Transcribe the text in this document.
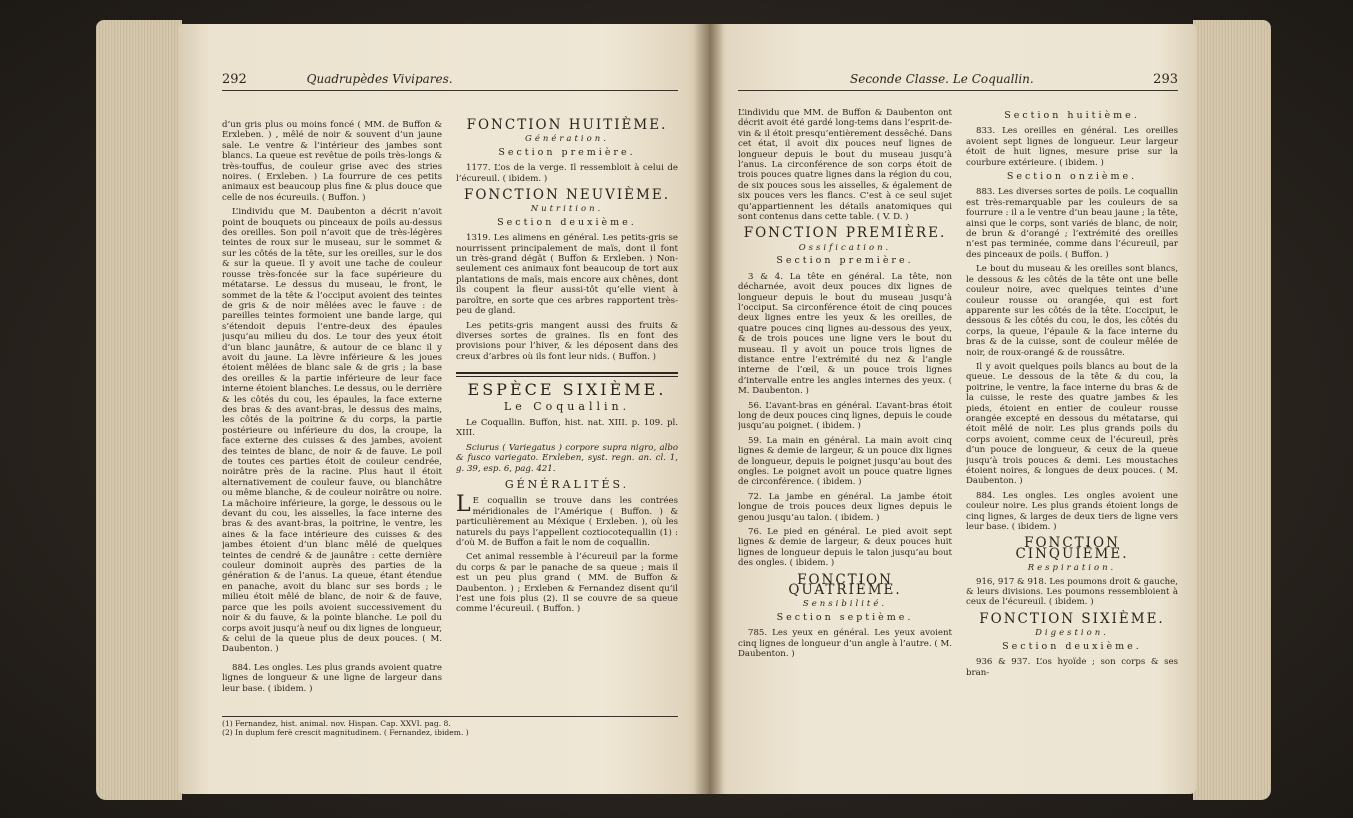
292	Quadrupèdes Vivipares.

d’un gris plus ou moins foncé ( MM. de Buffon & Erxleben. ) , mêlé de noir & souvent d’un jaune sale. Le ventre & l’intérieur des jambes sont blancs. La queue est revêtue de poils très-longs & très-touffus, de couleur grise avec des stries noires. ( Erxleben. ) La fourrure de ces petits animaux est beaucoup plus fine & plus douce que celle de nos écureuils. ( Buffon. )

L’individu que M. Daubenton a décrit n’avoit point de bouquets ou pinceaux de poils au-dessus des oreilles. Son poil n’avoit que de très-légères teintes de roux sur le museau, sur le sommet & sur les côtés de la tête, sur les oreilles, sur le dos & sur la queue. Il y avoit une tache de couleur rousse très-foncée sur la face supérieure du métatarse. Le dessus du museau, le front, le sommet de la tête & l’occiput avoient des teintes de gris & de noir mêlées avec le fauve : de pareilles teintes formoient une bande large, qui s’étendoit depuis l’entre-deux des épaules jusqu’au milieu du dos. Le tour des yeux étoit d’un blanc jaunâtre, & autour de ce blanc il y avoit du jaune. La lèvre inférieure & les joues étoient mêlées de blanc sale & de gris ; la base des oreilles & la partie inférieure de leur face interne étoient blanches. Le dessus, ou le derrière & les côtés du cou, les épaules, la face externe des bras & des avant-bras, le dessus des mains, les côtés de la poitrine & du corps, la partie postérieure ou inférieure du dos, la croupe, la face externe des cuisses & des jambes, avoient des teintes de blanc, de noir & de fauve. Le poil de toutes ces parties étoit de couleur cendrée, noirâtre près de la racine. Plus haut il étoit alternativement de couleur fauve, ou blanchâtre ou même blanche, & de couleur noirâtre ou noire. La mâchoire inférieure, la gorge, le dessous ou le devant du cou, les aisselles, la face interne des bras & des avant-bras, la poitrine, le ventre, les aines & la face intérieure des cuisses & des jambes étoient d’un blanc mêlé de quelques teintes de cendré & de jaunâtre : cette dernière couleur dominoit auprès des parties de la génération & de l’anus. La queue, étant étendue en panache, avoit du blanc sur ses bords ; le milieu étoit mêlé de blanc, de noir & de fauve, parce que les poils avoient successivement du noir & du fauve, & la pointe blanche. Le poil du corps avoit jusqu’à neuf ou dix lignes de longueur, & celui de la queue plus de deux pouces. ( M. Daubenton. )

884. Les ongles. Les plus grands avoient quatre lignes de longueur & une ligne de largeur dans leur base. ( ibidem. )

FONCTION HUITIÈME.
Génération.
Section première.

1177. L’os de la verge. Il ressembloit à celui de l’écureuil. ( ibidem. )

FONCTION NEUVIÈME.
Nutrition.
Section deuxième.

1319. Les alimens en général. Les petits-gris se nourrissent principalement de maïs, dont il font un très-grand dégât ( Buffon & Erxleben. ) Non-seulement ces animaux font beaucoup de tort aux plantations de maïs, mais encore aux chênes, dont ils coupent la fleur aussi-tôt qu’elle vient à paroître, en sorte que ces arbres rapportent très-peu de gland.

Les petits-gris mangent aussi des fruits & diverses sortes de graines. Ils en font des provisions pour l’hiver, & les déposent dans des creux d’arbres où ils font leur nids. ( Buffon. )

ESPÈCE SIXIÈME.
Le Coquallin.

Le Coquallin. Buffon, hist. nat. XIII. p. 109. pl. XIII.

Sciurus ( Variegatus ) corpore supra nigro, albo & fusco variegato. Erxleben, syst. regn. an. cl. 1, g. 39, esp. 6, pag. 421.

GÉNÉRALITÉS.

L E coquallin se trouve dans les contrées méridionales de l’Amérique ( Buffon. ) & particulièrement au Méxique ( Erxleben. ), où les naturels du pays l’appellent coztiocotequallin (1) : d’où M. de Buffon a fait le nom de coquallin.

Cet animal ressemble à l’écureuil par la forme du corps & par le panache de sa queue ; mais il est un peu plus grand ( MM. de Buffon & Daubenton. ) ; Erxleben & Fernandez disent qu’il l’est une fois plus (2). Il se couvre de sa queue comme l’écureuil. ( Buffon. )

(1) Fernandez, hist. animal. nov. Hispan. Cap. XXVI. pag. 8.
(2) In duplum ferè crescit magnitudinem. ( Fernandez, ibidem. )
Seconde Classe. Le Coquallin.	293

L’individu que MM. de Buffon & Daubenton ont décrit avoit été gardé long-tems dans l’esprit-de-vin & il étoit presqu’entièrement dessêché. Dans cet état, il avoit dix pouces neuf lignes de longueur depuis le bout du museau jusqu’à l’anus. La circonférence de son corps étoit de trois pouces quatre lignes dans la région du cou, de six pouces sous les aisselles, & également de six pouces vers les flancs. C’est à ce seul sujet qu’appartiennent les détails anatomiques qui sont contenus dans cette table. ( V. D. )

FONCTION PREMIÈRE.
Ossification.
Section première.

3 & 4. La tête en général. La tête, non décharnée, avoit deux pouces dix lignes de longueur depuis le bout du museau jusqu’à l’occiput. Sa circonférence étoit de cinq pouces deux lignes entre les yeux & les oreilles, de quatre pouces cinq lignes au-dessous des yeux, & de trois pouces une ligne vers le bout du museau. Il y avoit un pouce trois lignes de distance entre l’extrémité du nez & l’angle interne de l’œil, & un pouce trois lignes d’intervalle entre les angles internes des yeux. ( M. Daubenton. )

56. L’avant-bras en général. L’avant-bras étoit long de deux pouces cinq lignes, depuis le coude jusqu’au poignet. ( ibidem. )

59. La main en général. La main avoit cinq lignes & demie de largeur, & un pouce dix lignes de longueur, depuis le poignet jusqu’au bout des ongles. Le poignet avoit un pouce quatre lignes de circonférence. ( ibidem. )

72. La jambe en général. La jambe étoit longue de trois pouces deux lignes depuis le genou jusqu’au talon. ( ibidem. )

76. Le pied en général. Le pied avoit sept lignes & demie de largeur, & deux pouces huit lignes de longueur depuis le talon jusqu’au bout des ongles. ( ibidem. )

FONCTION QUATRIÈME.
Sensibilité.
Section septième.

785. Les yeux en général. Les yeux avoient cinq lignes de longueur d’un angle à l’autre. ( M. Daubenton. )

Section huitième.

833. Les oreilles en général. Les oreilles avoient sept lignes de longueur. Leur largeur étoit de huit lignes, mesure prise sur la courbure extérieure. ( ibidem. )

Section onzième.

883. Les diverses sortes de poils. Le coquallin est très-remarquable par les couleurs de sa fourrure : il a le ventre d’un beau jaune ; la tête, ainsi que le corps, sont variés de blanc, de noir, de brun & d’orangé ; l’extrémité des oreilles n’est pas terminée, comme dans l’écureuil, par des pinceaux de poils. ( Buffon. )

Le bout du museau & les oreilles sont blancs, le dessous & les côtés de la tête ont une belle couleur noire, avec quelques teintes d’une couleur rousse ou orangée, qui est fort apparente sur les côtés de la tête. L’occiput, le dessous & les côtés du cou, le dos, les côtés du corps, la queue, l’épaule & la face interne du bras & de la cuisse, sont de couleur mêlée de noir, de roux-orangé & de roussâtre.

Il y avoit quelques poils blancs au bout de la queue. Le dessous de la tête & du cou, la poitrine, le ventre, la face interne du bras & de la cuisse, le reste des quatre jambes & les pieds, étoient en entier de couleur rousse orangée excepté en dessous du métatarse, qui étoit mêlé de noir. Les plus grands poils du corps avoient, comme ceux de l’écureuil, près d’un pouce de longueur, & ceux de la queue jusqu’à trois pouces & demi. Les moustaches étoient noires, & longues de deux pouces. ( M. Daubenton. )

884. Les ongles. Les ongles avoient une couleur noire. Les plus grands étoient longs de cinq lignes, & larges de deux tiers de ligne vers leur base. ( ibidem. )

FONCTION CINQUIÈME.
Respiration.

916, 917 & 918. Les poumons droit & gauche, & leurs divisions. Les poumons ressembloient à ceux de l’écureuil. ( ibidem. )

FONCTION SIXIÈME.
Digestion.
Section deuxième.

936 & 937. L’os hyoïde ; son corps & ses bran-
